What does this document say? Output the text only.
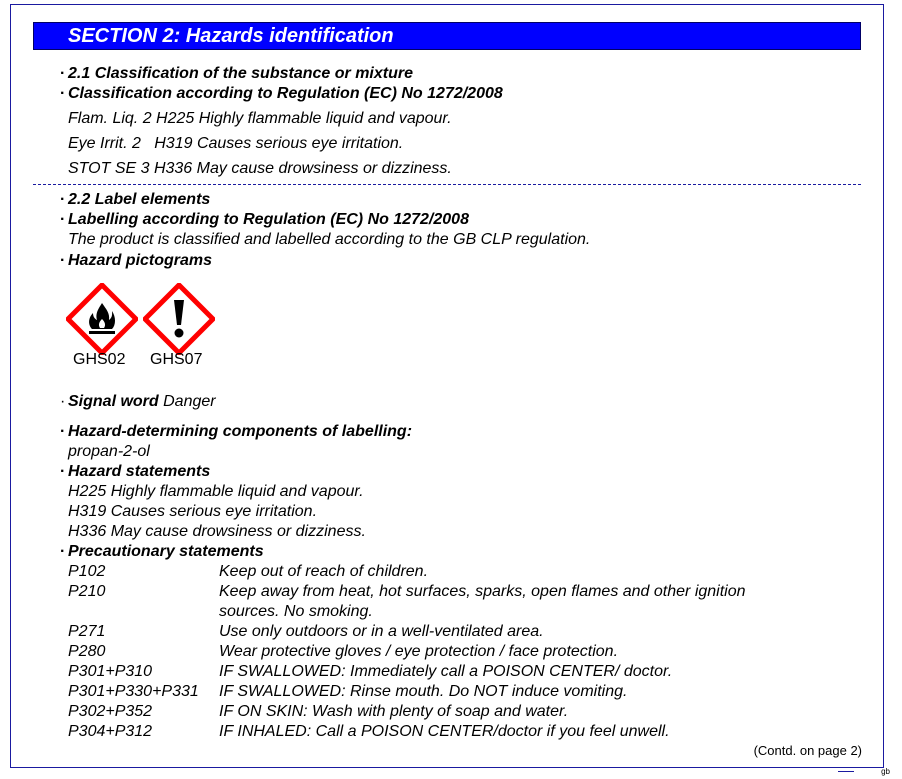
gb
SECTION 2: Hazards identification
· 2.1 Classification of the substance or mixture
· Classification according to Regulation (EC) No 1272/2008
Flam. Liq. 2 H225 Highly flammable liquid and vapour.
Eye Irrit. 2   H319 Causes serious eye irritation.
STOT SE 3 H336 May cause drowsiness or dizziness.
· 2.2 Label elements
· Labelling according to Regulation (EC) No 1272/2008
The product is classified and labelled according to the GB CLP regulation.
· Hazard pictograms
GHS02 GHS07
· Signal word Danger
· Hazard-determining components of labelling:
propan-2-ol
· Hazard statements
H225 Highly flammable liquid and vapour.
H319 Causes serious eye irritation.
H336 May cause drowsiness or dizziness.
· Precautionary statements
P102	Keep out of reach of children.
P210	Keep away from heat, hot surfaces, sparks, open flames and other ignition
sources. No smoking.
P271	Use only outdoors or in a well-ventilated area.
P280	Wear protective gloves / eye protection / face protection.
P301+P310	IF SWALLOWED: Immediately call a POISON CENTER/ doctor.
P301+P330+P331 IF SWALLOWED: Rinse mouth. Do NOT induce vomiting.
P302+P352	IF ON SKIN: Wash with plenty of soap and water.
P304+P312	IF INHALED: Call a POISON CENTER/doctor if you feel unwell.
(Contd. on page 2)
